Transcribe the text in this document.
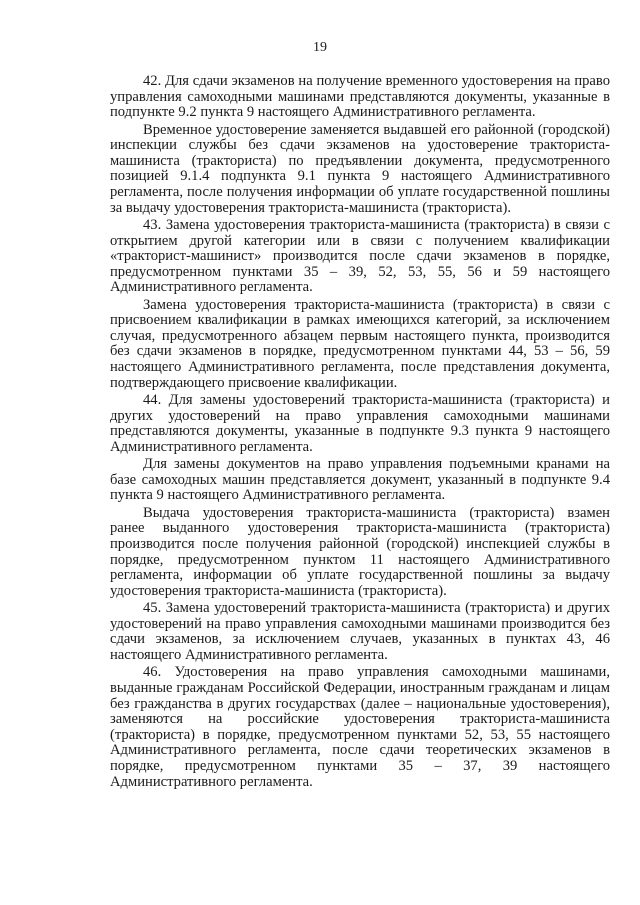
19

42. Для сдачи экзаменов на получение временного удостоверения на право управления самоходными машинами представляются документы, указанные в подпункте 9.2 пункта 9 настоящего Административного регламента.

Временное удостоверение заменяется выдавшей его районной (городской) инспекции службы без сдачи экзаменов на удостоверение тракториста-машиниста (тракториста) по предъявлении документа, предусмотренного позицией 9.1.4 подпункта 9.1 пункта 9 настоящего Административного регламента, после получения информации об уплате государственной пошлины за выдачу удостоверения тракториста-машиниста (тракториста).

43. Замена удостоверения тракториста-машиниста (тракториста) в связи с открытием другой категории или в связи с получением квалификации «тракторист-машинист» производится после сдачи экзаменов в порядке, предусмотренном пунктами 35 – 39, 52, 53, 55, 56 и 59 настоящего Административного регламента.

Замена удостоверения тракториста-машиниста (тракториста) в связи с присвоением квалификации в рамках имеющихся категорий, за исключением случая, предусмотренного абзацем первым настоящего пункта, производится без сдачи экзаменов в порядке, предусмотренном пунктами 44, 53 – 56, 59 настоящего Административного регламента, после представления документа, подтверждающего присвоение квалификации.

44. Для замены удостоверений тракториста-машиниста (тракториста) и других удостоверений на право управления самоходными машинами представляются документы, указанные в подпункте 9.3 пункта 9 настоящего Административного регламента.

Для замены документов на право управления подъемными кранами на базе самоходных машин представляется документ, указанный в подпункте 9.4 пункта 9 настоящего Административного регламента.

Выдача удостоверения тракториста-машиниста (тракториста) взамен ранее выданного удостоверения тракториста-машиниста (тракториста) производится после получения районной (городской) инспекцией службы в порядке, предусмотренном пунктом 11 настоящего Административного регламента, информации об уплате государственной пошлины за выдачу удостоверения тракториста-машиниста (тракториста).

45. Замена удостоверений тракториста-машиниста (тракториста) и других удостоверений на право управления самоходными машинами производится без сдачи экзаменов, за исключением случаев, указанных в пунктах 43, 46 настоящего Административного регламента.

46. Удостоверения на право управления самоходными машинами, выданные гражданам Российской Федерации, иностранным гражданам и лицам без гражданства в других государствах (далее – национальные удостоверения), заменяются на российские удостоверения тракториста-машиниста (тракториста) в порядке, предусмотренном пунктами 52, 53, 55 настоящего Административного регламента, после сдачи теоретических экзаменов в порядке, предусмотренном пунктами 35 – 37, 39 настоящего Административного регламента.
